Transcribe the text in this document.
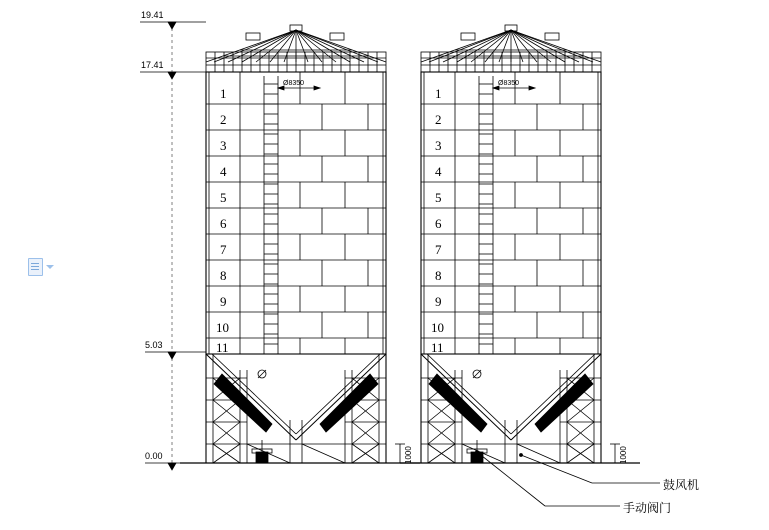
19.41
17.41
5.03
0.00
1
2
3
4
5
6
7
8
9
10
11
1
2
3
4
5
6
7
8
9
10
11
Ø8350	Ø8350
1000	1000
鼓风机
手动阀门
